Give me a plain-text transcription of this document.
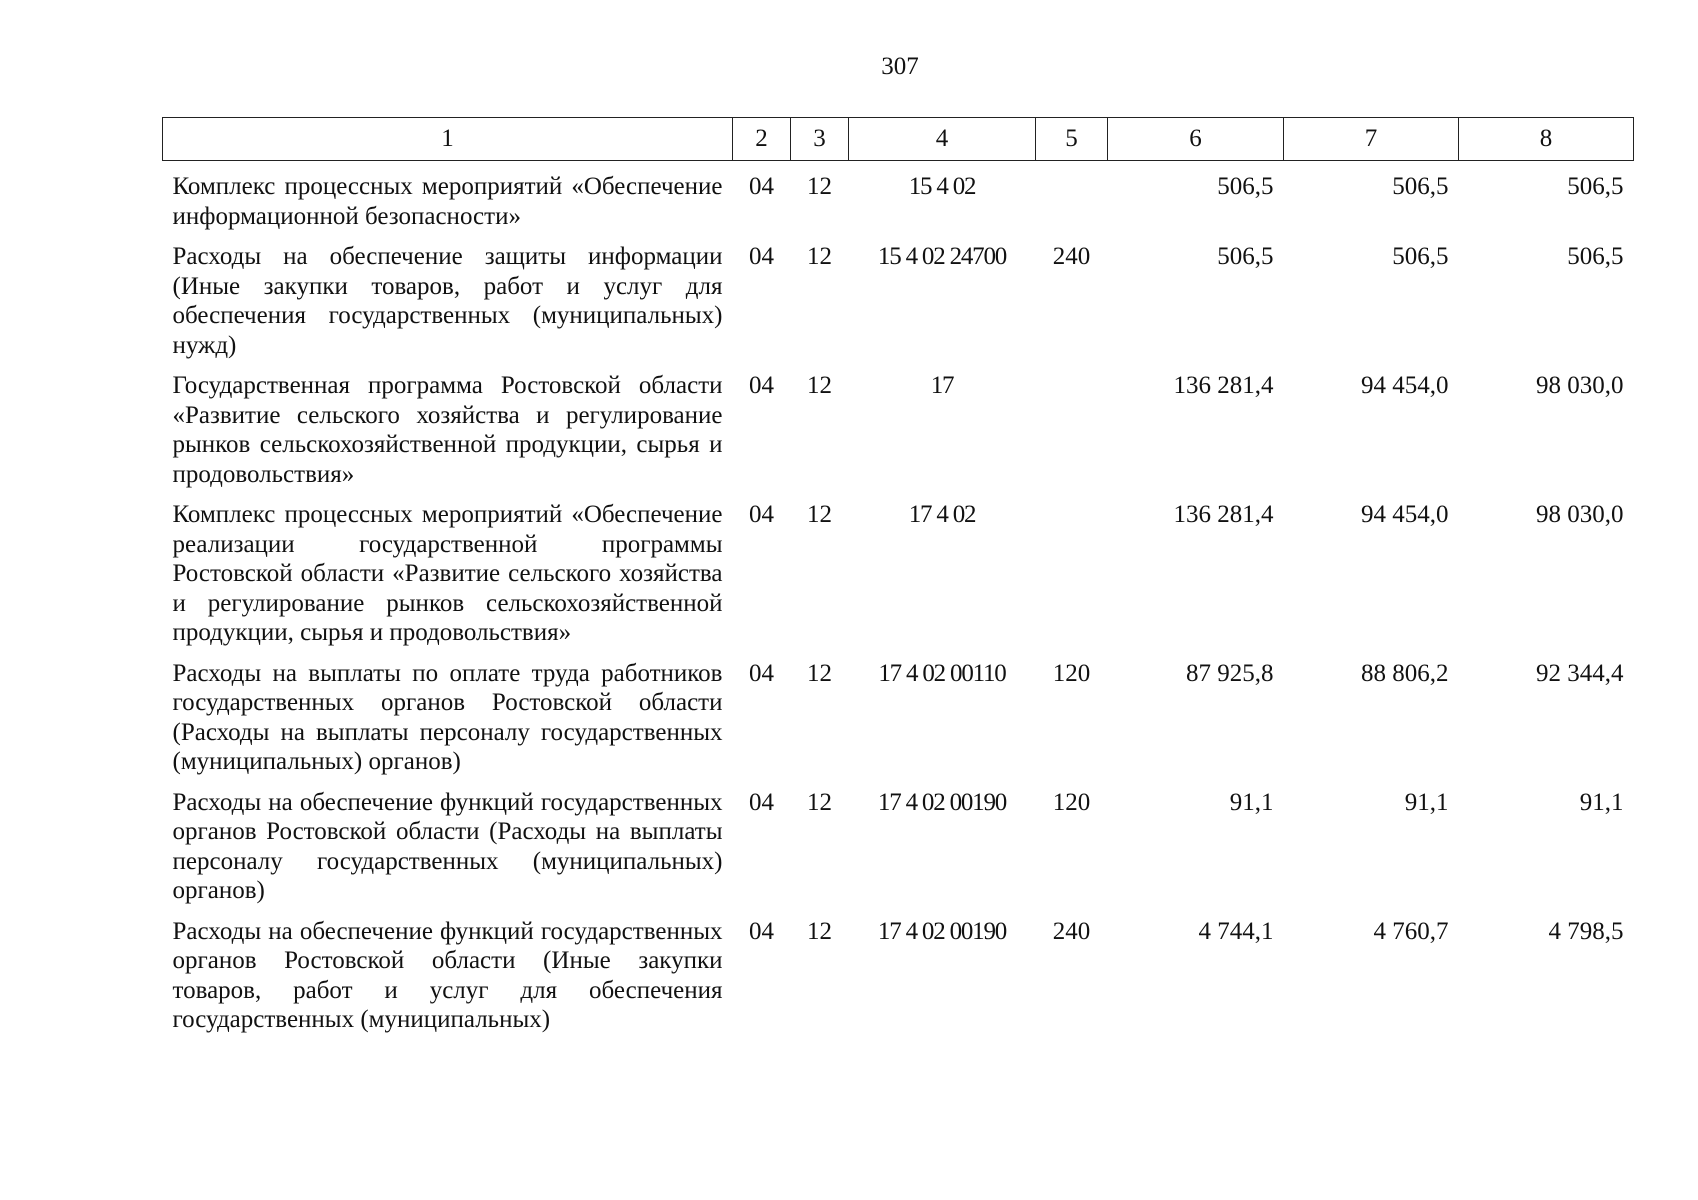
307
1	2	3	4	5	6	7	8
Комплекс процессных мероприятий «Обеспечение информационной безопасности»	04	12	15 4 02		506,5	506,5	506,5
Расходы на обеспечение защиты информации (Иные закупки товаров, работ и услуг для обеспечения государственных (муниципальных) нужд)	04	12	15 4 02 24700	240	506,5	506,5	506,5
Государственная программа Ростовской области «Развитие сельского хозяйства и регулирование рынков сельскохозяйственной продукции, сырья и продовольствия»	04	12	17		136 281,4	94 454,0	98 030,0
Комплекс процессных мероприятий «Обеспечение реализации государственной программы Ростовской области «Развитие сельского хозяйства и регулирование рынков сельскохозяйственной продукции, сырья и продовольствия»	04	12	17 4 02		136 281,4	94 454,0	98 030,0
Расходы на выплаты по оплате труда работников государственных органов Ростовской области (Расходы на выплаты персоналу государственных (муниципальных) органов)	04	12	17 4 02 00110	120	87 925,8	88 806,2	92 344,4
Расходы на обеспечение функций государственных органов Ростовской области (Расходы на выплаты персоналу государственных (муниципальных) органов)	04	12	17 4 02 00190	120	91,1	91,1	91,1
Расходы на обеспечение функций государственных органов Ростовской области (Иные закупки товаров, работ и услуг для обеспечения государственных (муниципальных)	04	12	17 4 02 00190	240	4 744,1	4 760,7	4 798,5
